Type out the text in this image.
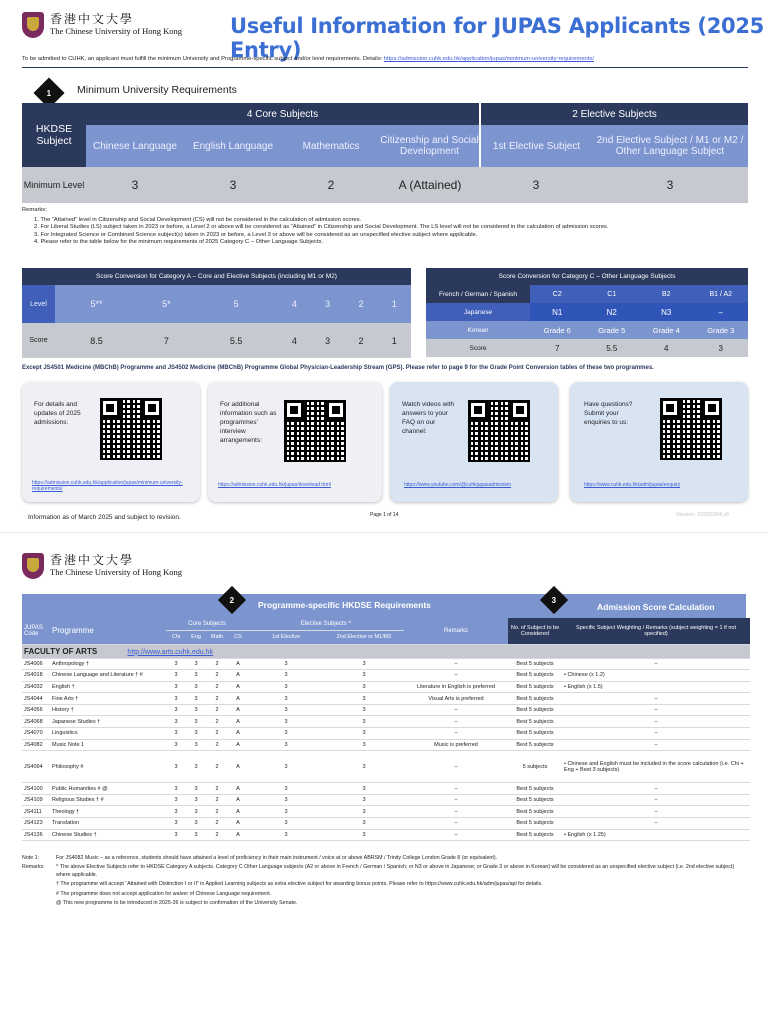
香港中文大學
The Chinese University of Hong Kong Useful Information for JUPAS Applicants (2025 Entry)
To be admitted to CUHK, an applicant must fulfill the minimum University and Programme-specific subject and/or level requirements. Details: https://admission.cuhk.edu.hk/application/jupas/minimum-university-requirements/
1 Minimum University Requirements
HKDSE Subject	4 Core Subjects				2 Elective Subjects	
	Chinese Language	English Language	Mathematics	Citizenship and Social Development	1st Elective Subject	2nd Elective Subject / M1 or M2 / Other Language Subject
Minimum Level	3	3	2	A (Attained)	3	3
Remarks:
1. The “Attained” level in Citizenship and Social Development (CS) will not be considered in the calculation of admission scores.
2. For Liberal Studies (LS) subject taken in 2023 or before, a Level 2 or above will be considered as “Attained” in Citizenship and Social Development. The LS level will not be considered in the calculation of admission scores.
3. For Integrated Science or Combined Science subject(s) taken in 2023 or before, a Level 3 or above will be considered as an unspecified elective subject where applicable.
4. Please refer to the table below for the minimum requirements of 2025 Category C – Other Language Subjects.
Score Conversion for Category A – Core and Elective Subjects (including M1 or M2)							
Level	5**	5*	5	4	3	2	1
Score	8.5	7	5.5	4	3	2	1
Score Conversion for Category C – Other Language Subjects				
French / German / Spanish	C2	C1	B2	B1 / A2
Japanese	N1	N2	N3	–
Korean	Grade 6	Grade 5	Grade 4	Grade 3
Score	7	5.5	4	3
Except JS4501 Medicine (MBChB) Programme and JS4502 Medicine (MBChB) Programme Global Physician-Leadership Stream (GPS). Please refer to page 9 for the Grade Point Conversion tables of these two programmes.
For details and updates of 2025 admissions:
https://admission.cuhk.edu.hk/application/jupas/minimum-university-requirements/
For additional information such as programmes’ interview arrangements:
https://admission.cuhk.edu.hk/jupas/download.html
Watch videos with answers to your FAQ on our channel:
https://www.youtube.com/@cuhkjupasadmission
Have questions? Submit your enquiries to us:
https://www.cuhk.edu.hk/adm/jupas/enquiry
Information as of March 2025 and subject to revision.	Page 1 of 14	Version: 20250304.v5
香港中文大學
The Chinese University of Hong Kong
2
Programme-specific HKDSE Requirements
3
Admission Score Calculation
JUPAS Code	Programme	Core Subjects				Elective Subjects ^		Remarks	No. of Subject to be Considered	Specific Subject Weighting / Remarks (subject weighting = 1 if not specified)
		Chi	Eng	Math	CS	1st Elective	2nd Elective or M1/M2			
FACULTY OF ARTS http://www.arts.cuhk.edu.hk										
JS4006	Anthropology †	3	3	2	A	3	3	–	Best 5 subjects	–
JS4018	Chinese Language and Literature † #	3	3	2	A	3	3	–	Best 5 subjects	• Chinese (x 1.2)
JS4032	English †	3	3	2	A	3	3	Literature in English is preferred	Best 5 subjects	• English (x 1.5)
JS4044	Fine Arts †	3	3	2	A	3	3	Visual Arts is preferred	Best 5 subjects	–
JS4056	History †	3	3	2	A	3	3	–	Best 5 subjects	–
JS4068	Japanese Studies †	3	3	2	A	3	3	–	Best 5 subjects	–
JS4070	Linguistics	3	3	2	A	3	3	–	Best 5 subjects	–
JS4082	Music Note 1	3	3	2	A	3	3	Music is preferred	Best 5 subjects	–
JS4094	Philosophy #	3	3	2	A	3	3	–	5 subjects	• Chinese and English must be included in the score calculation (i.e. Chi + Eng + Best 3 subjects)
JS4100	Public Humanities # @	3	3	2	A	3	3	–	Best 5 subjects	–
JS4109	Religious Studies † #	3	3	2	A	3	3	–	Best 5 subjects	–
JS4111	Theology †	3	3	2	A	3	3	–	Best 5 subjects	–
JS4123	Translation	3	3	2	A	3	3	–	Best 5 subjects	–
JS4136	Chinese Studies †	3	3	2	A	3	3	–	Best 5 subjects	• English (x 1.25)
Note 1:	For JS4082 Music – as a reference, students should have attained a level of proficiency in their main instrument / voice at or above ABRSM / Trinity College London Grade 8 (or equivalent).
Remarks:	^ The above Elective Subjects refer to HKDSE Category A subjects. Category C Other Language subjects (A2 or above in French / German / Spanish; or N3 or above in Japanese; or Grade 3 or above in Korean) will be considered as an unspecified elective subject (i.e. 2nd elective subject) where applicable.
† The programme will accept “Attained with Distinction I or II” in Applied Learning subjects as extra elective subject for awarding bonus points. Please refer to https://www.cuhk.edu.hk/adm/jupas/apl for details.
# The programme does not accept application for waiver of Chinese Language requirement.
@ This new programme to be introduced in 2025-26 is subject to confirmation of the University Senate.
